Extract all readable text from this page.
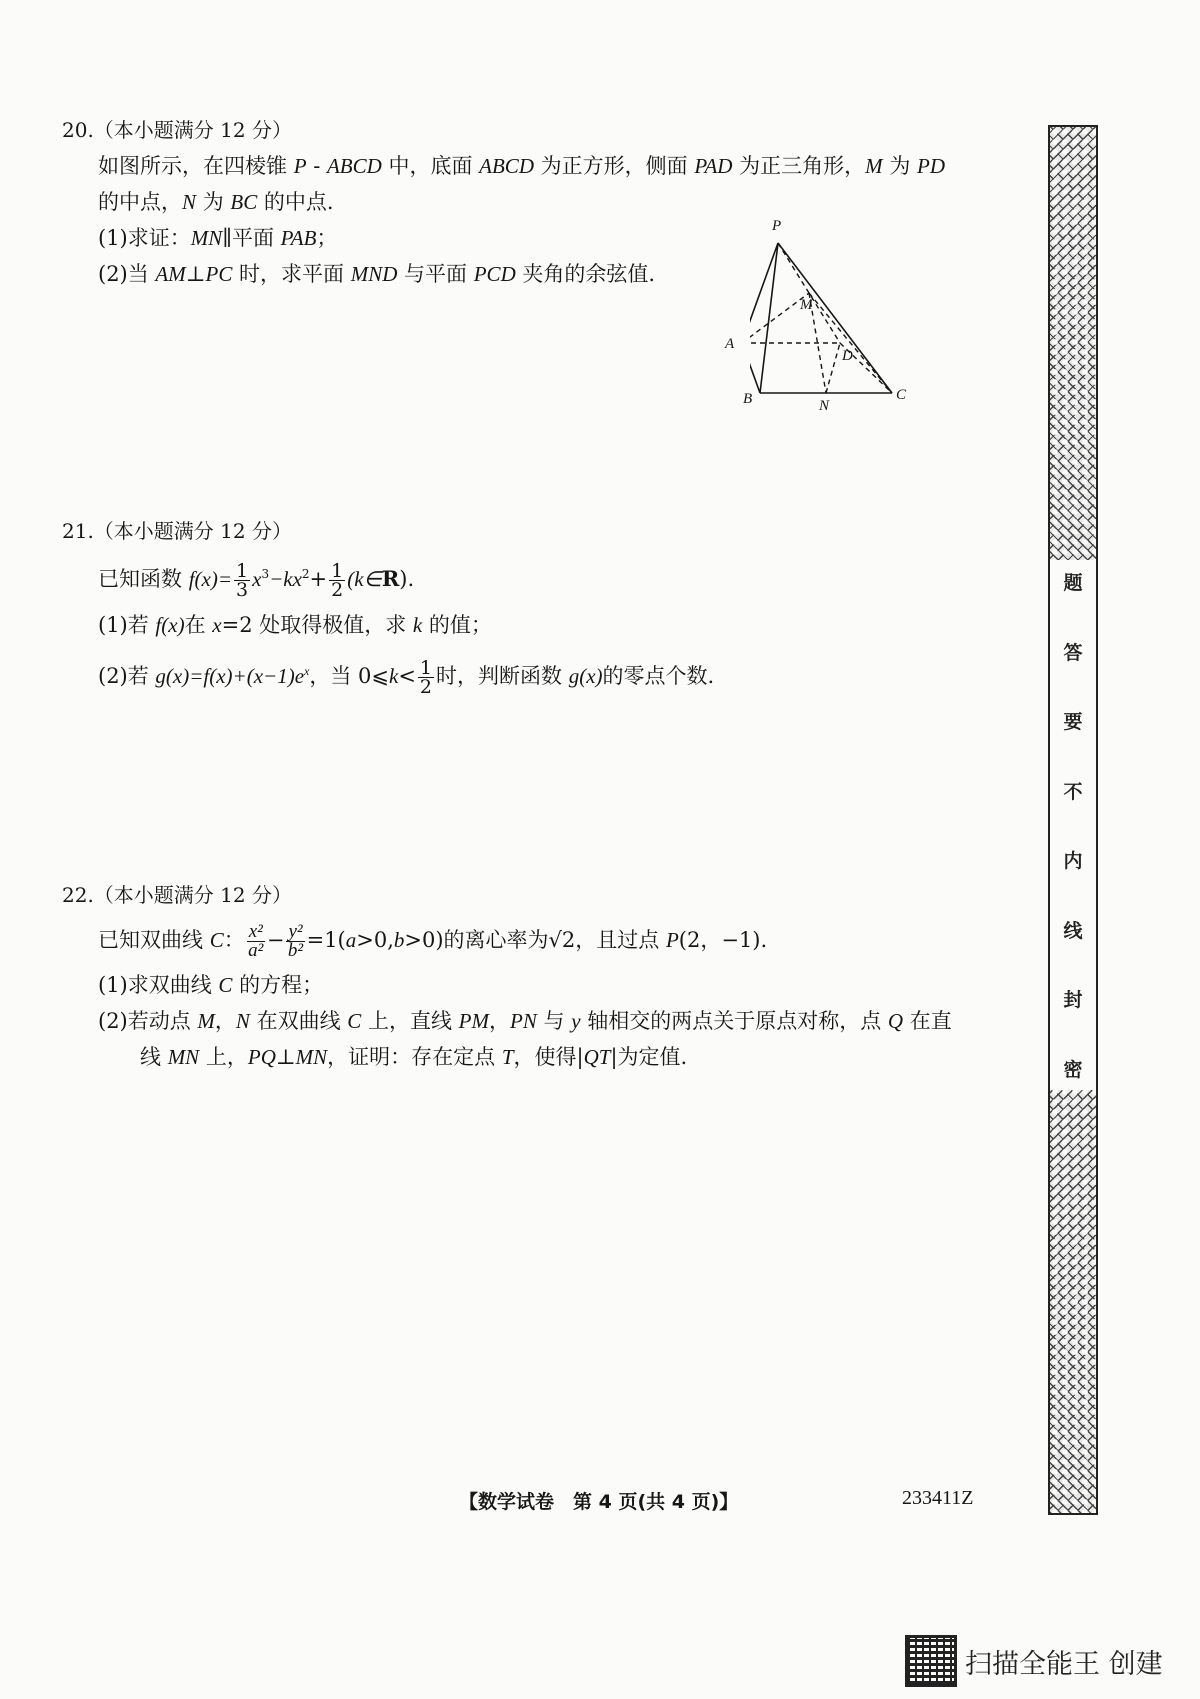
20.（本小题满分 12 分）
如图所示，在四棱锥 P - ABCD 中，底面 ABCD 为正方形，侧面 PAD 为正三角形，M 为 PD
的中点，N 为 BC 的中点.
(1)求证：MN∥平面 PAB；
(2)当 AM⊥PC 时，求平面 MND 与平面 PCD 夹角的余弦值.
P
A
B	C
D
M
N
21.（本小题满分 12 分）
已知函数 $f(x)= \frac{1}{3} x^3-kx^2+ \frac{1}{2}$ (k∈R).
(1)若 f(x)在 x=2 处取得极值，求 k 的值；
(2)若 $g(x)=f(x)+(x-1)e^x$，当 0⩽k< $\frac{1}{2}$ 时，判断函数 g(x)的零点个数.
22.（本小题满分 12 分）
已知双曲线 C： $\frac{\text{x²}}{\text{a²}} - \frac{\text{y²}}{\text{b²}} =1(a>0,b>0)$的离心率为√2，且过点 P(2，−1).
(1)求双曲线 C 的方程；
(2)若动点 M，N 在双曲线 C 上，直线 PM，PN 与 y 轴相交的两点关于原点对称，点 Q 在直
线 MN 上，PQ⊥MN，证明：存在定点 T，使得|QT|为定值.
题
答
要
不
内
线
封
密
【数学试卷　第 4 页(共 4 页)】	233411Z
扫描全能王 创建
